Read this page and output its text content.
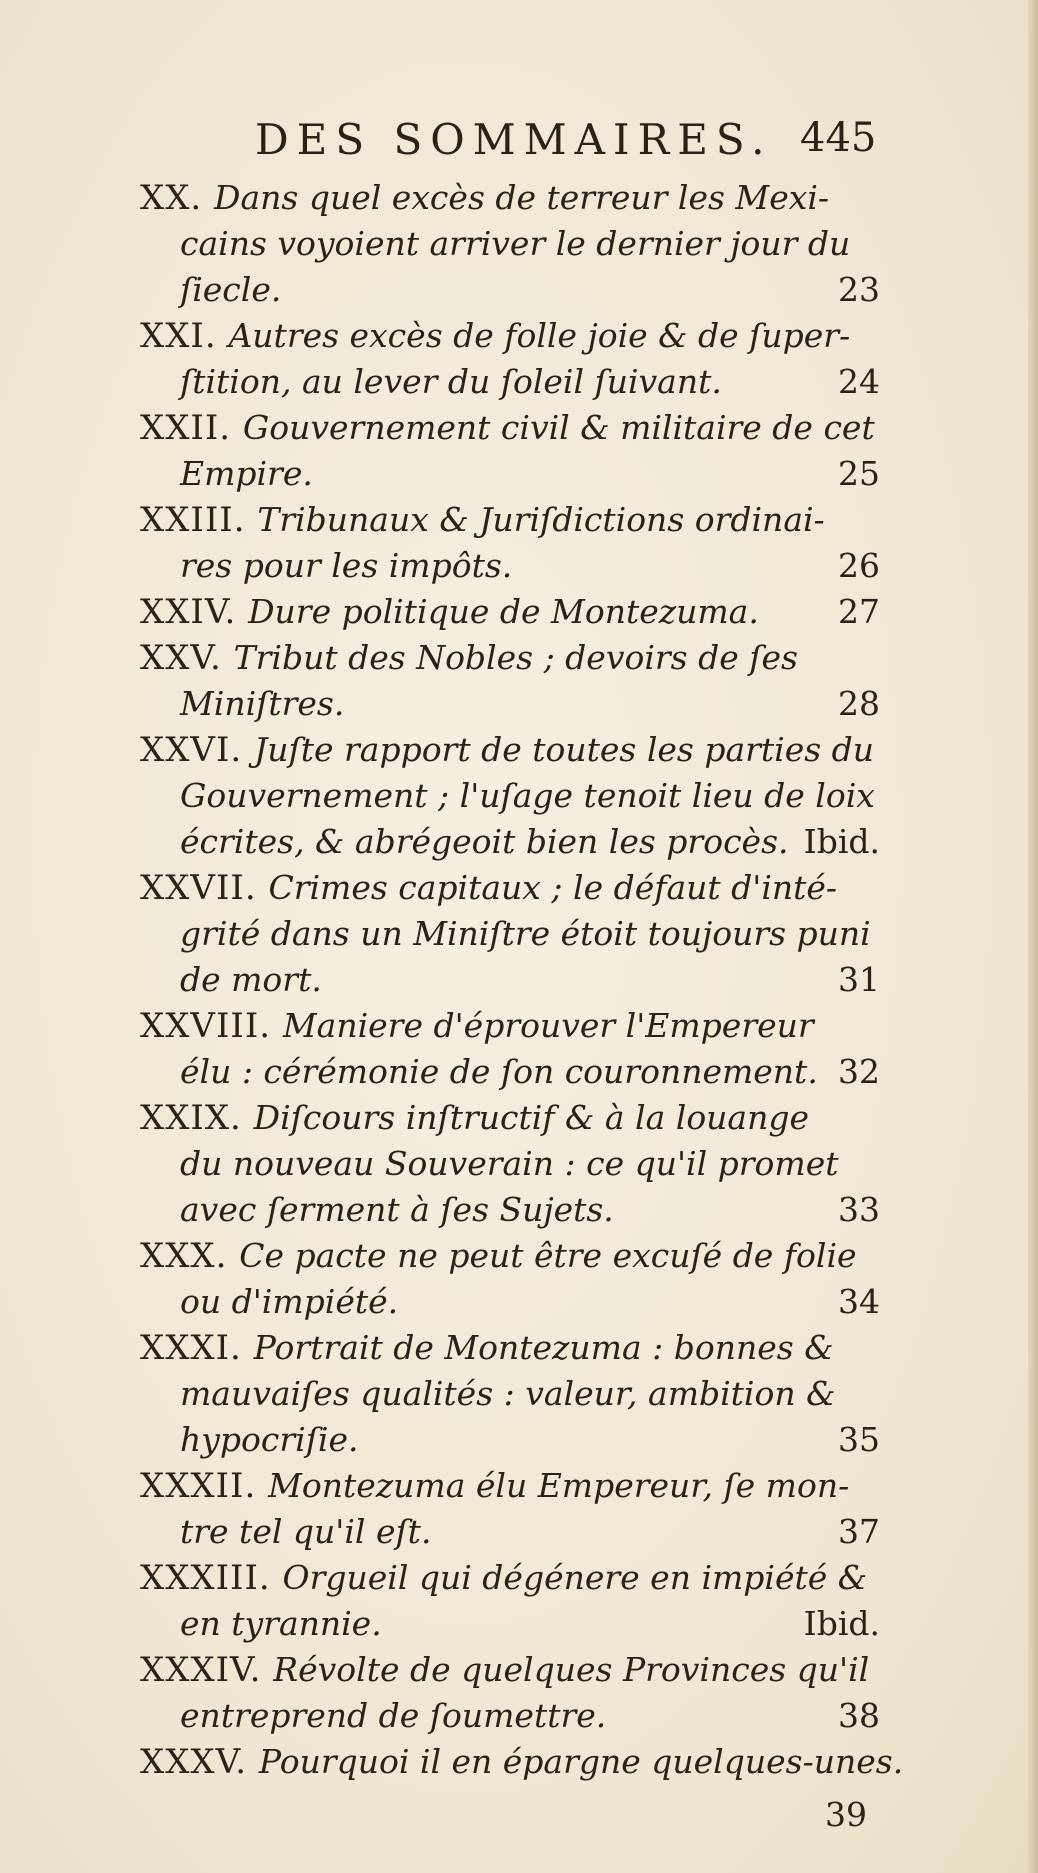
DES SOMMAIRES. 445
XX. Dans quel excès de terreur les Mexi-
cains voyoient arriver le dernier jour du
ſiecle.	23
XXI. Autres excès de folle joie & de ſuper-
ſtition, au lever du ſoleil ſuivant.	24
XXII. Gouvernement civil & militaire de cet
Empire.	25
XXIII. Tribunaux & Juriſdictions ordinai-
res pour les impôts.	26
XXIV. Dure politique de Montezuma. 27
XXV. Tribut des Nobles ; devoirs de ſes
Miniſtres.	28
XXVI. Juſte rapport de toutes les parties du
Gouvernement ; l'uſage tenoit lieu de loix
écrites, & abrégeoit bien les procès. Ibid.
XXVII. Crimes capitaux ; le défaut d'inté-
grité dans un Miniſtre étoit toujours puni
de mort.	31
XXVIII. Maniere d'éprouver l'Empereur
élu : cérémonie de ſon couronnement. 32
XXIX. Diſcours inſtructif & à la louange
du nouveau Souverain : ce qu'il promet
avec ſerment à ſes Sujets.	33
XXX. Ce pacte ne peut être excuſé de folie
ou d'impiété.	34
XXXI. Portrait de Montezuma : bonnes &
mauvaiſes qualités : valeur, ambition &
hypocriſie.	35
XXXII. Montezuma élu Empereur, ſe mon-
tre tel qu'il eſt.	37
XXXIII. Orgueil qui dégénere en impiété &
en tyrannie.	Ibid.
XXXIV. Révolte de quelques Provinces qu'il
entreprend de ſoumettre.	38
XXXV. Pourquoi il en épargne quelques-unes.
39
